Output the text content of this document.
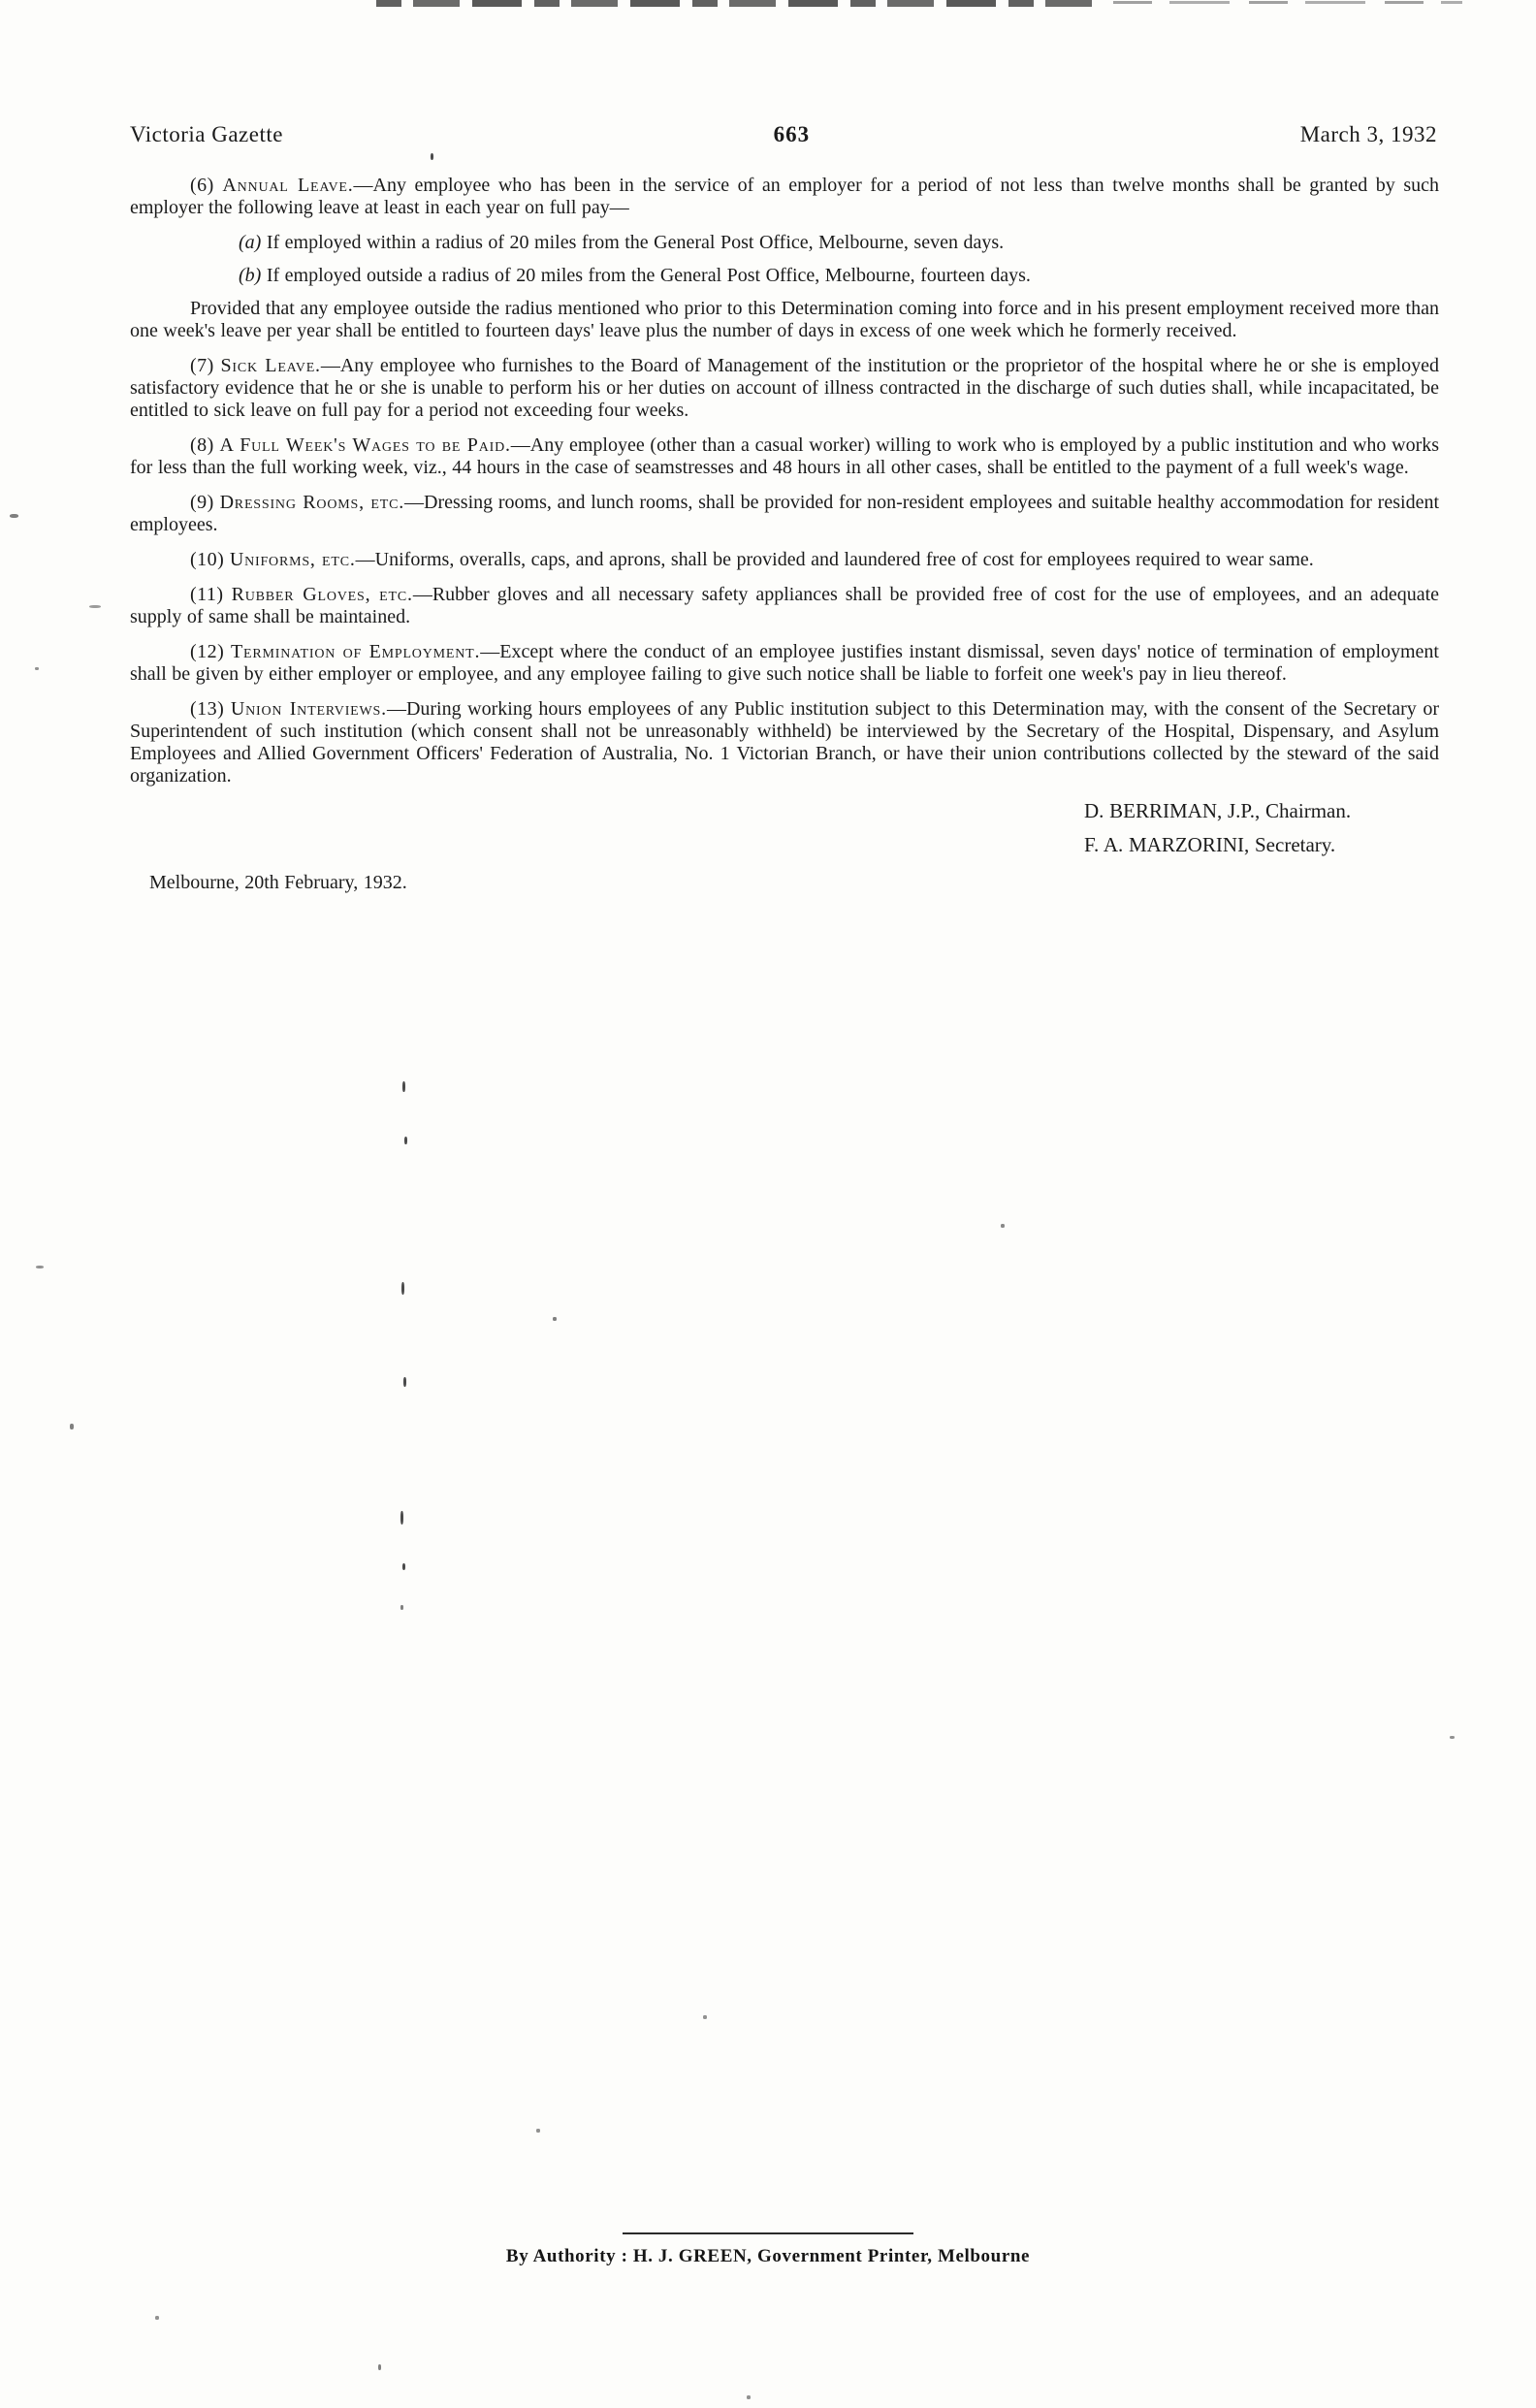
Victoria Gazette	663	March 3, 1932

(6) Annual Leave.—Any employee who has been in the service of an employer for a period of not less than twelve months shall be granted by such employer the following leave at least in each year on full pay—

(a) If employed within a radius of 20 miles from the General Post Office, Melbourne, seven days.

(b) If employed outside a radius of 20 miles from the General Post Office, Melbourne, fourteen days.

Provided that any employee outside the radius mentioned who prior to this Determination coming into force and in his present employment received more than one week's leave per year shall be entitled to fourteen days' leave plus the number of days in excess of one week which he formerly received.

(7) Sick Leave.—Any employee who furnishes to the Board of Management of the institution or the proprietor of the hospital where he or she is employed satisfactory evidence that he or she is unable to perform his or her duties on account of illness contracted in the discharge of such duties shall, while incapacitated, be entitled to sick leave on full pay for a period not exceeding four weeks.

(8) A Full Week's Wages to be Paid.—Any employee (other than a casual worker) willing to work who is employed by a public institution and who works for less than the full working week, viz., 44 hours in the case of seamstresses and 48 hours in all other cases, shall be entitled to the payment of a full week's wage.

(9) Dressing Rooms, etc.—Dressing rooms, and lunch rooms, shall be provided for non-resident employees and suitable healthy accommodation for resident employees.

(10) Uniforms, etc.—Uniforms, overalls, caps, and aprons, shall be provided and laundered free of cost for employees required to wear same.

(11) Rubber Gloves, etc.—Rubber gloves and all necessary safety appliances shall be provided free of cost for the use of employees, and an adequate supply of same shall be maintained.

(12) Termination of Employment.—Except where the conduct of an employee justifies instant dismissal, seven days' notice of termination of employment shall be given by either employer or employee, and any employee failing to give such notice shall be liable to forfeit one week's pay in lieu thereof.

(13) Union Interviews.—During working hours employees of any Public institution subject to this Determination may, with the consent of the Secretary or Superintendent of such institution (which consent shall not be unreasonably withheld) be interviewed by the Secretary of the Hospital, Dispensary, and Asylum Employees and Allied Government Officers' Federation of Australia, No. 1 Victorian Branch, or have their union contributions collected by the steward of the said organization.

D. BERRIMAN, J.P., Chairman.
F. A. MARZORINI, Secretary.

Melbourne, 20th February, 1932.

By Authority : H. J. GREEN, Government Printer, Melbourne
